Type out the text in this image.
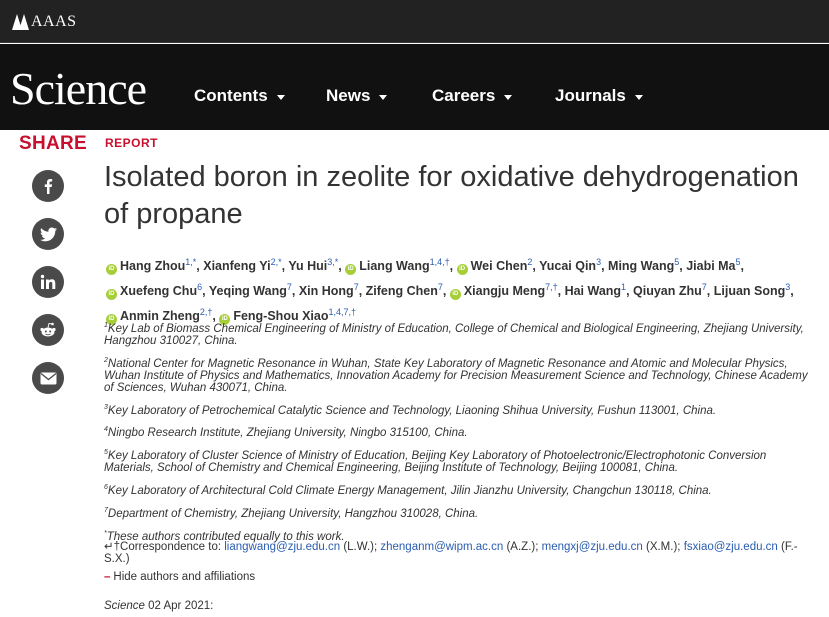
AAAS
Science	Contents	News	Careers	Journals
SHARE REPORT
Isolated boron in zeolite for oxidative dehydrogenation of propane
iD Hang Zhou$^{1,*}$, Xianfeng $Yi^{2,*}$, Yu Hui$^{3,*}$, iD Liang Wang$^{1,4,\dagger}$, iD Wei Chen$^2$, Yucai Qin$^3$, Ming Wang$^5$, Jiabi Ma$^5$, iD Xuefeng Chu$^6$, Yeqing Wang$^7$, Xin Hong$^7$, Zifeng Chen$^7$, iD Xiangju Meng$^{7,\dagger}$, Hai Wang$^1$, Qiuyan Zhu$^7$, Lijuan Song$^3$, iD Anmin Zheng$^{2,\dagger}$, iD Feng-Shou Xiao$^{1,4,7,\dagger}$

$^1$Key Lab of Biomass Chemical Engineering of Ministry of Education, College of Chemical and Biological Engineering, Zhejiang University, Hangzhou 310027, China.

$^2$National Center for Magnetic Resonance in Wuhan, State Key Laboratory of Magnetic Resonance and Atomic and Molecular Physics, Wuhan Institute of Physics and Mathematics, Innovation Academy for Precision Measurement Science and Technology, Chinese Academy of Sciences, Wuhan 430071, China.

$^3$Key Laboratory of Petrochemical Catalytic Science and Technology, Liaoning Shihua University, Fushun 113001, China.

$^4$Ningbo Research Institute, Zhejiang University, Ningbo 315100, China.

$^5$Key Laboratory of Cluster Science of Ministry of Education, Beijing Key Laboratory of Photoelectronic/Electrophotonic Conversion Materials, School of Chemistry and Chemical Engineering, Beijing Institute of Technology, Beijing 100081, China.

$^6$Key Laboratory of Architectural Cold Climate Energy Management, Jilin Jianzhu University, Changchun 130118, China.

$^7$Department of Chemistry, Zhejiang University, Hangzhou 310028, China.

*These authors contributed equally to this work.

↵†Correspondence to: liangwang@zju.edu.cn (L.W.); zhenganm@wipm.ac.cn (A.Z.); mengxj@zju.edu.cn (X.M.); fsxiao@zju.edu.cn (F.-S.X.)
– Hide authors and affiliations
Science 02 Apr 2021:
